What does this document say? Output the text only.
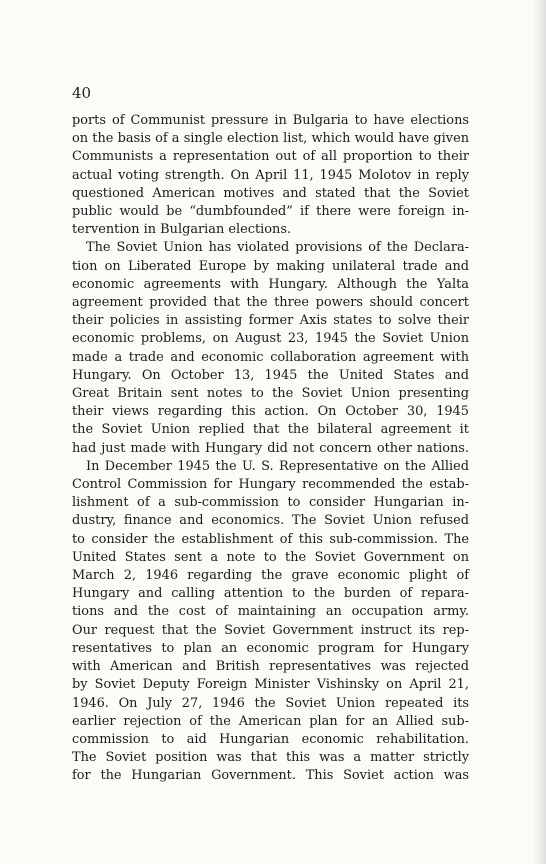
40

ports of Communist pressure in Bulgaria to have elections

on the basis of a single election list, which would have given

Communists a representation out of all proportion to their

actual voting strength. On April 11, 1945 Molotov in reply

questioned American motives and stated that the Soviet

public would be “dumbfounded” if there were foreign in-

tervention in Bulgarian elections.

The Soviet Union has violated provisions of the Declara-

tion on Liberated Europe by making unilateral trade and

economic agreements with Hungary. Although the Yalta

agreement provided that the three powers should concert

their policies in assisting former Axis states to solve their

economic problems, on August 23, 1945 the Soviet Union

made a trade and economic collaboration agreement with

Hungary. On October 13, 1945 the United States and

Great Britain sent notes to the Soviet Union presenting

their views regarding this action. On October 30, 1945

the Soviet Union replied that the bilateral agreement it

had just made with Hungary did not concern other nations.

In December 1945 the U. S. Representative on the Allied

Control Commission for Hungary recommended the estab-

lishment of a sub-commission to consider Hungarian in-

dustry, finance and economics. The Soviet Union refused

to consider the establishment of this sub-commission. The

United States sent a note to the Soviet Government on

March 2, 1946 regarding the grave economic plight of

Hungary and calling attention to the burden of repara-

tions and the cost of maintaining an occupation army.

Our request that the Soviet Government instruct its rep-

resentatives to plan an economic program for Hungary

with American and British representatives was rejected

by Soviet Deputy Foreign Minister Vishinsky on April 21,

1946. On July 27, 1946 the Soviet Union repeated its

earlier rejection of the American plan for an Allied sub-

commission to aid Hungarian economic rehabilitation.

The Soviet position was that this was a matter strictly

for the Hungarian Government. This Soviet action was
